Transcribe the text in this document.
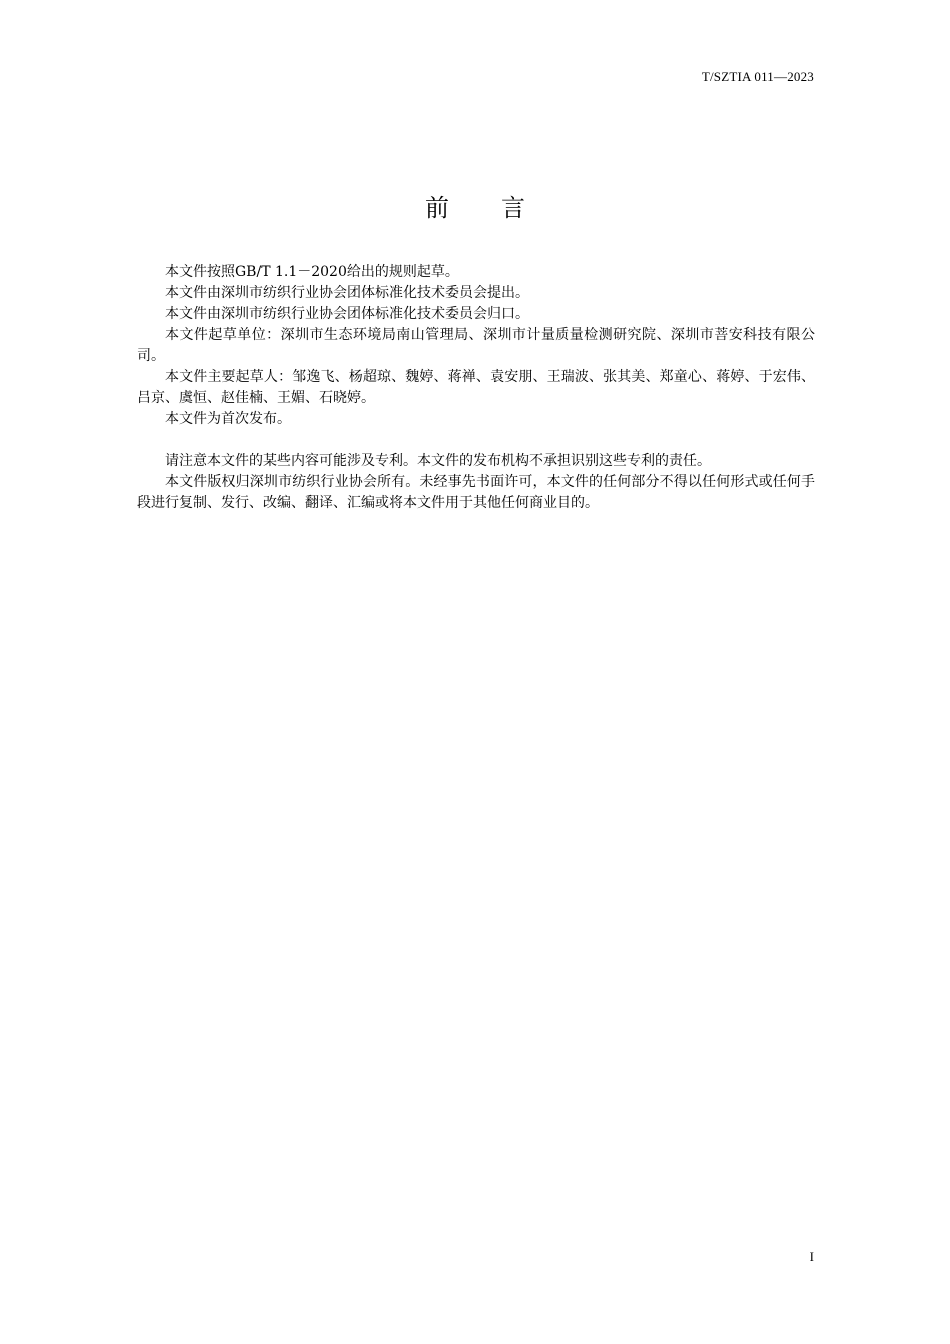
T/SZTIA 011—2023
前言

本文件按照GB/T 1.1－2020给出的规则起草。

本文件由深圳市纺织行业协会团体标准化技术委员会提出。

本文件由深圳市纺织行业协会团体标准化技术委员会归口。

本文件起草单位：深圳市生态环境局南山管理局、深圳市计量质量检测研究院、深圳市菩安科技有限公司。

本文件主要起草人：邹逸飞、杨超琼、魏婷、蒋禅、袁安朋、王瑞波、张其美、郑童心、蒋婷、于宏伟、吕京、虞恒、赵佳楠、王媚、石晓婷。

本文件为首次发布。

请注意本文件的某些内容可能涉及专利。本文件的发布机构不承担识别这些专利的责任。

本文件版权归深圳市纺织行业协会所有。未经事先书面许可，本文件的任何部分不得以任何形式或任何手段进行复制、发行、改编、翻译、汇编或将本文件用于其他任何商业目的。

I
